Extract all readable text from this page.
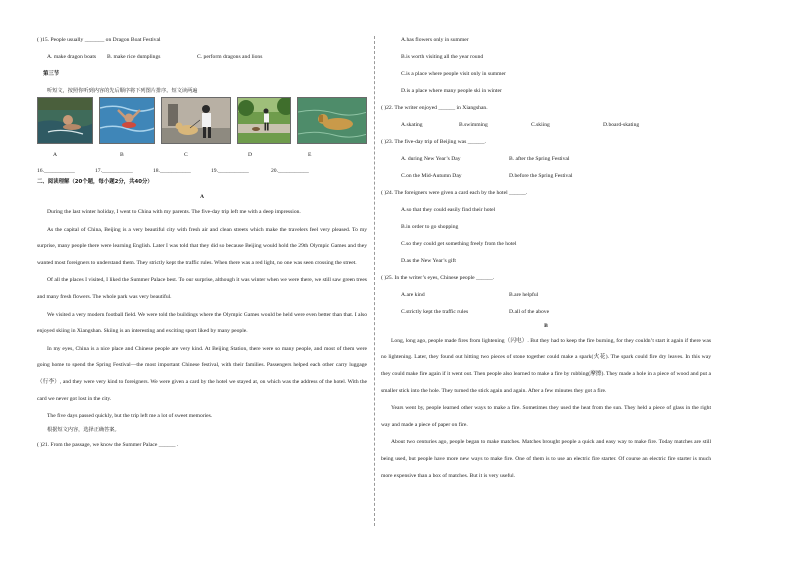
( )15. People usually _______ on Dragon Boat Festival
A. make dragon boats	B. make rice dumplings	C. perform dragons and lions
第三节
听短文，按照你听到内容的先后顺序将下列图片排序。短文读两遍
A	B	C	D	E
16.___________	17.___________	18.___________	19.___________	20.___________
二、阅读理解（20个题，每小题2分，共40分）
A
During the last winter holiday, I went to China with my parents. The five-day trip left me with a deep impression.
As the capital of China, Beijing is a very beautiful city with fresh air and clean streets which make the travelers feel very pleased. To my surprise, many people there were learning English. Later I was told that they did so because Beijing would hold the 29th Olympic Games and they wanted most foreigners to understand them. They strictly kept the traffic rules. When there was a red light, no one was seen crossing the street.
Of all the places I visited, I liked the Summer Palace best. To our surprise, although it was winter when we were there, we still saw green trees and many fresh flowers. The whole park was very beautiful.
We visited a very modern football field. We were told the buildings where the Olympic Games would be held were even better than that. I also enjoyed skiing in Xiangshan. Skiing is an interesting and exciting sport liked by many people.
In my eyes, China is a nice place and Chinese people are very kind. At Beijing Station, there were so many people, and most of them were going home to spend the Spring Festival—the most important Chinese festival, with their families. Passengers helped each other carry luggage（行李）, and they were very kind to foreigners. We were given a card by the hotel we stayed at, on which was the address of the hotel. With the card we never got lost in the city.
The five days passed quickly, but the trip left me a lot of sweet memories.
根据短文内容，选择正确答案。
( )21. From the passage, we know the Summer Palace ______ .
A.has flowers only in summer
B.is worth visiting all the year round
C.is a place where people visit only in summer
D.is a place where many people ski in winter
( )22. The writer enjoyed ______ in Xiangshan.
A.skating	B.swimming	C.skiing	D.board-skating
( )23. The five-day trip of Beijing was ______.
A. during New Year’s Day	B. after the Spring Festival
C.on the Mid-Autumn Day	D.before the Spring Festival
( )24. The foreigners were given a card each by the hotel ______.
A.so that they could easily find their hotel
B.in order to go shopping
C.so they could get something freely from the hotel
D.as the New Year’s gift
( )25. In the writer’s eyes, Chinese people ______.
A.are kind	B.are helpful
C.strictly kept the traffic rules	D.all of the above
B
Long, long ago, people made fires from lightening（闪电）. But they had to keep the fire burning, for they couldn’t start it again if there was no lightening. Later, they found out hitting two pieces of stone together could make a spark(火花). The spark could fire dry leaves. In this way they could make fire again if it went out. Then people also learned to make a fire by rubbing(摩擦). They made a hole in a piece of wood and put a smaller stick into the hole. They turned the stick again and again. After a few minutes they got a fire.
Years went by, people learned other ways to make a fire. Sometimes they used the heat from the sun. They held a piece of glass in the right way and made a piece of paper on fire.
About two centuries ago, people began to make matches. Matches brought people a quick and easy way to make fire. Today matches are still being used, but people have more new ways to make fire. One of them is to use an electric fire starter. Of course an electric fire starter is much more expensive than a box of matches. But it is very useful.
